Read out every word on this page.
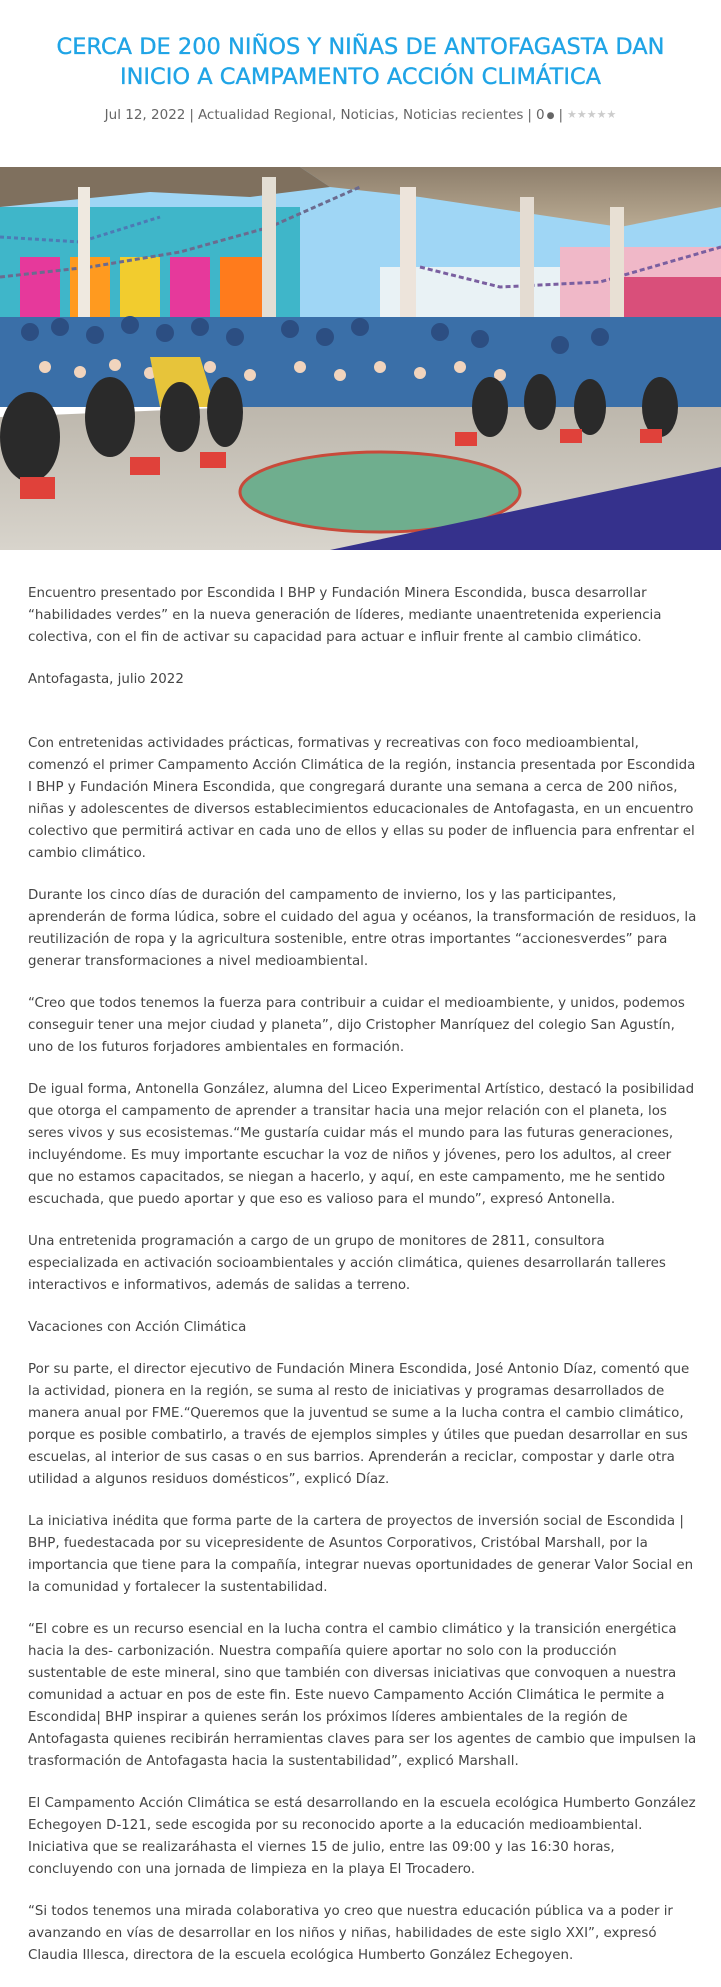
CERCA DE 200 NIÑOS Y NIÑAS DE ANTOFAGASTA DAN INICIO A CAMPAMENTO ACCIÓN CLIMÁTICA
Jul 12, 2022 | Actualidad Regional, Noticias, Noticias recientes | 0 ● | ★★★★★

Encuentro presentado por Escondida I BHP y Fundación Minera Escondida, busca desarrollar “habilidades verdes” en la nueva generación de líderes, mediante unaentretenida experiencia colectiva, con el fin de activar su capacidad para actuar e influir frente al cambio climático.

Antofagasta, julio 2022

Con entretenidas actividades prácticas, formativas y recreativas con foco medioambiental, comenzó el primer Campamento Acción Climática de la región, instancia presentada por Escondida I BHP y Fundación Minera Escondida, que congregará durante una semana a cerca de 200 niños, niñas y adolescentes de diversos establecimientos educacionales de Antofagasta, en un encuentro colectivo que permitirá activar en cada uno de ellos y ellas su poder de influencia para enfrentar el cambio climático.

Durante los cinco días de duración del campamento de invierno, los y las participantes, aprenderán de forma lúdica, sobre el cuidado del agua y océanos, la transformación de residuos, la reutilización de ropa y la agricultura sostenible, entre otras importantes “accionesverdes” para generar transformaciones a nivel medioambiental.

“Creo que todos tenemos la fuerza para contribuir a cuidar el medioambiente, y unidos, podemos conseguir tener una mejor ciudad y planeta”, dijo Cristopher Manríquez del colegio San Agustín, uno de los futuros forjadores ambientales en formación.

De igual forma, Antonella González, alumna del Liceo Experimental Artístico, destacó la posibilidad que otorga el campamento de aprender a transitar hacia una mejor relación con el planeta, los seres vivos y sus ecosistemas.“Me gustaría cuidar más el mundo para las futuras generaciones, incluyéndome. Es muy importante escuchar la voz de niños y jóvenes, pero los adultos, al creer que no estamos capacitados, se niegan a hacerlo, y aquí, en este campamento, me he sentido escuchada, que puedo aportar y que eso es valioso para el mundo”, expresó Antonella.

Una entretenida programación a cargo de un grupo de monitores de 2811, consultora especializada en activación socioambientales y acción climática, quienes desarrollarán talleres interactivos e informativos, además de salidas a terreno.

Vacaciones con Acción Climática

Por su parte, el director ejecutivo de Fundación Minera Escondida, José Antonio Díaz, comentó que la actividad, pionera en la región, se suma al resto de iniciativas y programas desarrollados de manera anual por FME.“Queremos que la juventud se sume a la lucha contra el cambio climático, porque es posible combatirlo, a través de ejemplos simples y útiles que puedan desarrollar en sus escuelas, al interior de sus casas o en sus barrios. Aprenderán a reciclar, compostar y darle otra utilidad a algunos residuos domésticos”, explicó Díaz.

La iniciativa inédita que forma parte de la cartera de proyectos de inversión social de Escondida | BHP, fuedestacada por su vicepresidente de Asuntos Corporativos, Cristóbal Marshall, por la importancia que tiene para la compañía, integrar nuevas oportunidades de generar Valor Social en la comunidad y fortalecer la sustentabilidad.

“El cobre es un recurso esencial en la lucha contra el cambio climático y la transición energética hacia la des- carbonización. Nuestra compañía quiere aportar no solo con la producción sustentable de este mineral, sino que también con diversas iniciativas que convoquen a nuestra comunidad a actuar en pos de este fin. Este nuevo Campamento Acción Climática le permite a Escondida| BHP inspirar a quienes serán los próximos líderes ambientales de la región de Antofagasta quienes recibirán herramientas claves para ser los agentes de cambio que impulsen la trasformación de Antofagasta hacia la sustentabilidad”, explicó Marshall.

El Campamento Acción Climática se está desarrollando en la escuela ecológica Humberto González Echegoyen D-121, sede escogida por su reconocido aporte a la educación medioambiental. Iniciativa que se realizaráhasta el viernes 15 de julio, entre las 09:00 y las 16:30 horas, concluyendo con una jornada de limpieza en la playa El Trocadero.

“Si todos tenemos una mirada colaborativa yo creo que nuestra educación pública va a poder ir avanzando en vías de desarrollar en los niños y niñas, habilidades de este siglo XXI”, expresó Claudia Illesca, directora de la escuela ecológica Humberto González Echegoyen.
